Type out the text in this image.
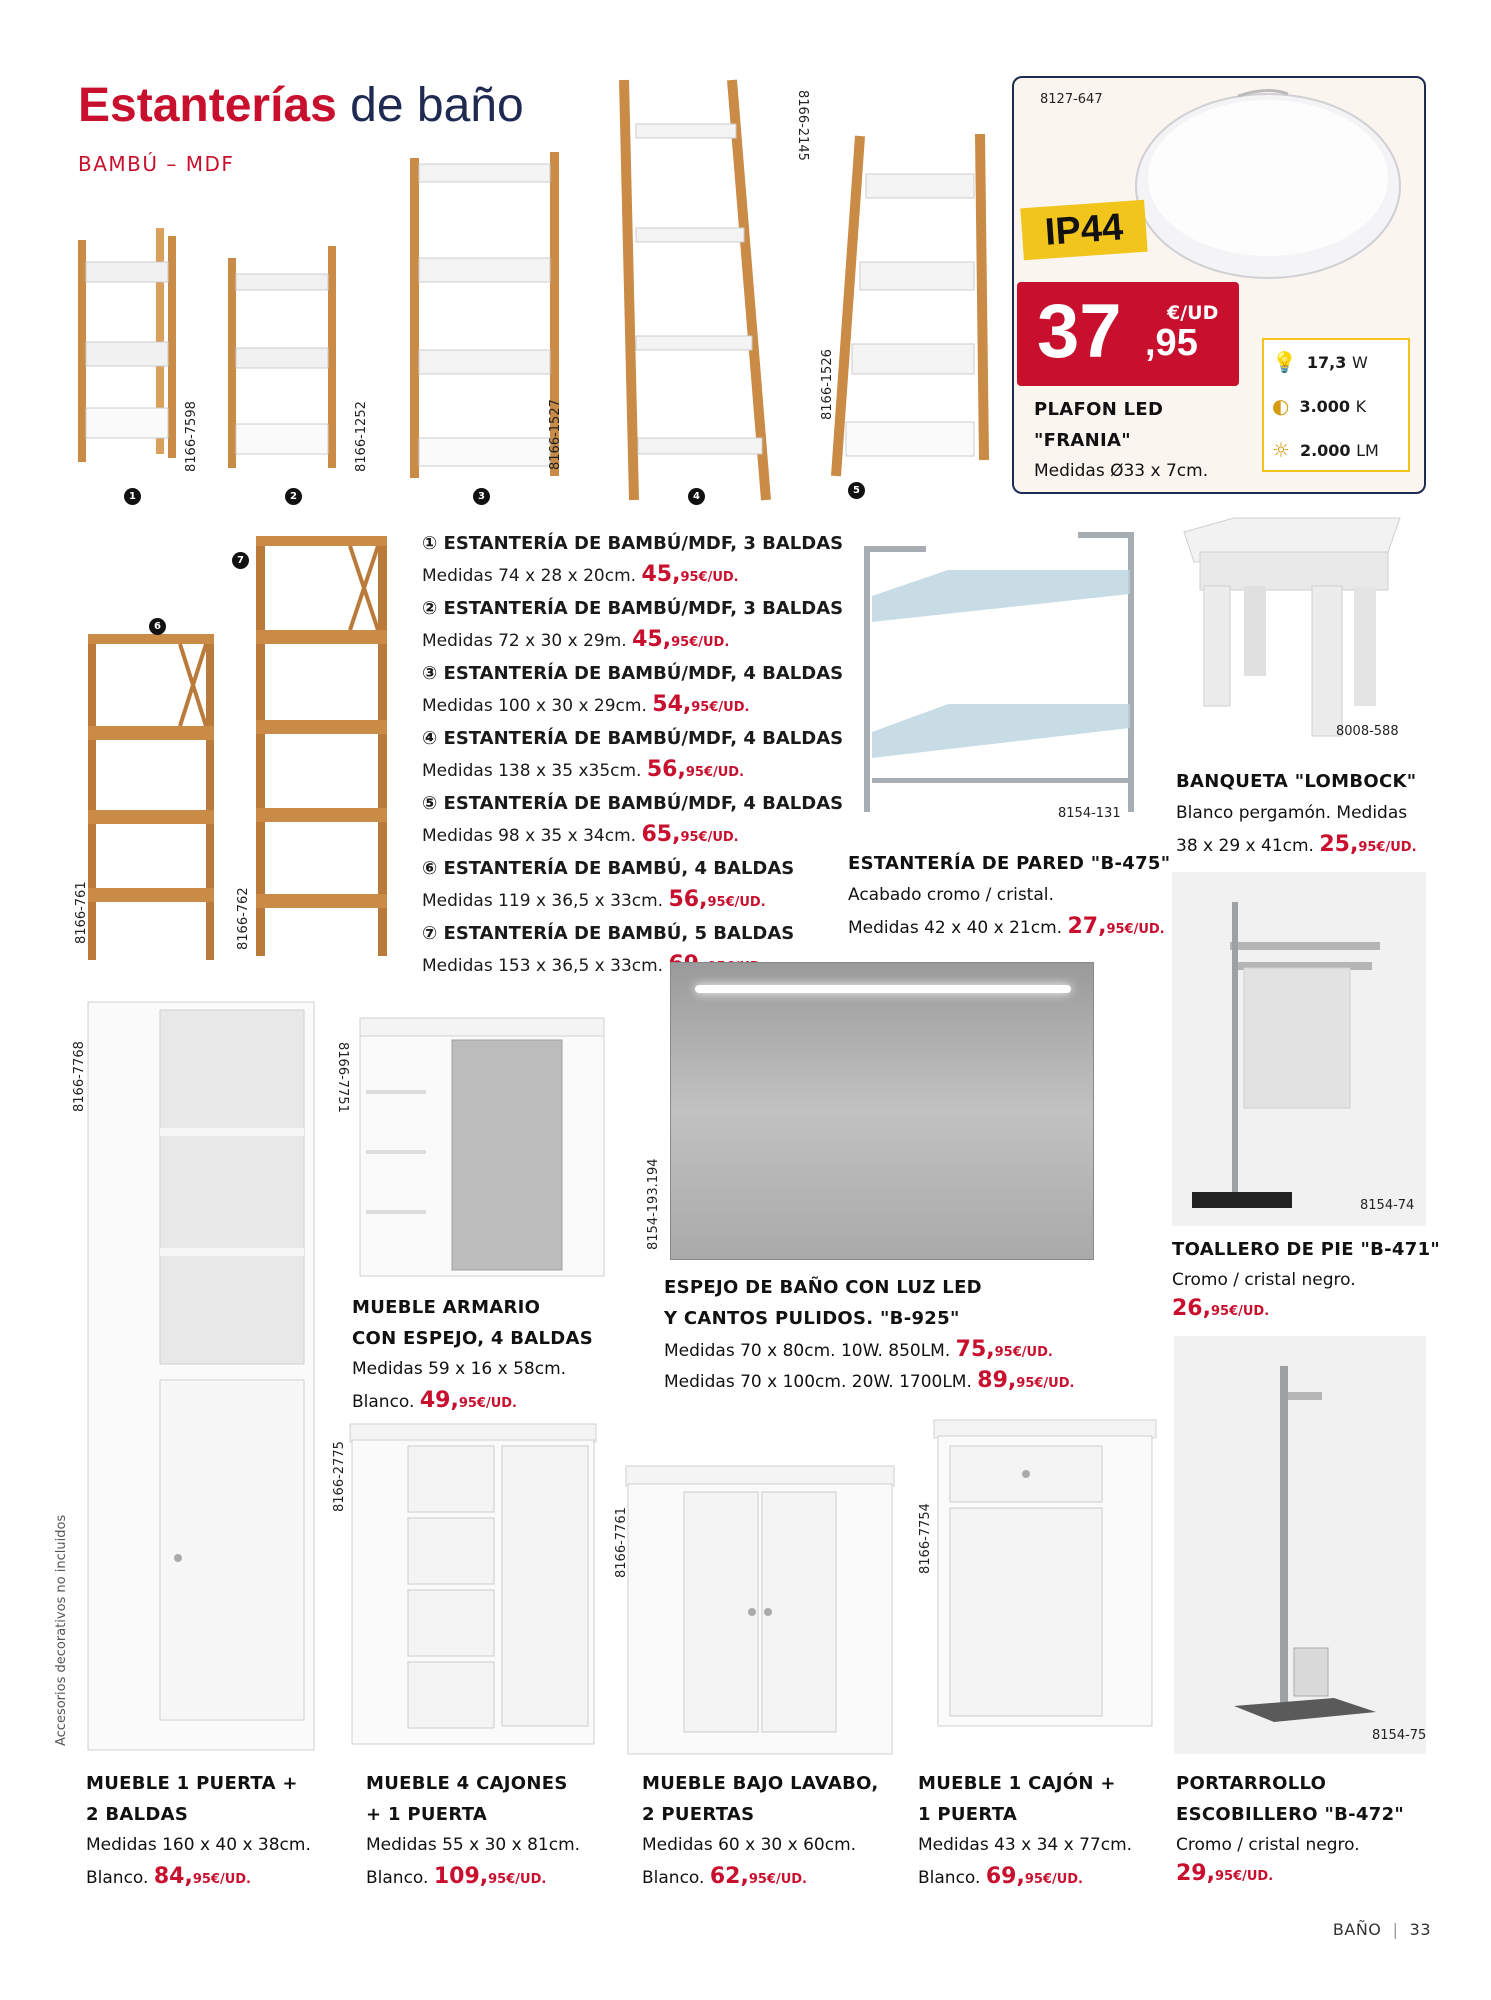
Estanterías de baño
BAMBÚ – MDF
8166-7598	8166-1252	8166-1527
8166-2145
8166-1526
1	2	3	4
5
6
7
8166-761	8166-762
① ESTANTERÍA DE BAMBÚ/MDF, 3 BALDAS
Medidas 74 x 28 x 20cm. 45,95€/UD.
② ESTANTERÍA DE BAMBÚ/MDF, 3 BALDAS
Medidas 72 x 30 x 29m. 45,95€/UD.
③ ESTANTERÍA DE BAMBÚ/MDF, 4 BALDAS
Medidas 100 x 30 x 29cm. 54,95€/UD.
④ ESTANTERÍA DE BAMBÚ/MDF, 4 BALDAS
Medidas 138 x 35 x35cm. 56,95€/UD.
⑤ ESTANTERÍA DE BAMBÚ/MDF, 4 BALDAS
Medidas 98 x 35 x 34cm. 65,95€/UD.
⑥ ESTANTERÍA DE BAMBÚ, 4 BALDAS
Medidas 119 x 36,5 x 33cm. 56,95€/UD.
⑦ ESTANTERÍA DE BAMBÚ, 5 BALDAS
Medidas 153 x 36,5 x 33cm.
8127-647
IP44
37 €/UD
,95
PLAFON LED
"FRANIA"
Medidas Ø33 x 7cm.
💡 17,3 W
◐ 3.000 K
☼ 2.000 LM
8154-131
ESTANTERÍA DE PARED "B-475"
Acabado cromo / cristal.
Medidas 42 x 40 x 21cm. 27,95€/UD.
8008-588
BANQUETA "LOMBOCK"
Blanco pergamón. Medidas
38 x 29 x 41cm. 25,95€/UD.
8154-74
TOALLERO DE PIE "B-471"
Cromo / cristal negro.
26,95€/UD.
8154-193.194
ESPEJO DE BAÑO CON LUZ LED
Y CANTOS PULIDOS. "B-925"
Medidas 70 x 80cm. 10W. 850LM. 75,95€/UD.
Medidas 70 x 100cm. 20W. 1700LM. 89,95€/UD.
8166-7751
MUEBLE ARMARIO
CON ESPEJO, 4 BALDAS
Medidas 59 x 16 x 58cm.
Blanco. 49,95€/UD.
8166-7768
Accesorios decorativos no incluidos
8166-2775
8166-7761	8166-7754
8154-75
MUEBLE 1 PUERTA +
2 BALDAS
Medidas 160 x 40 x 38cm.
Blanco. 84,95€/UD.
MUEBLE 4 CAJONES
+ 1 PUERTA
Medidas 55 x 30 x 81cm.
Blanco. 109,95€/UD.
MUEBLE BAJO LAVABO,
2 PUERTAS
Medidas 60 x 30 x 60cm.
Blanco. 62,95€/UD.
MUEBLE 1 CAJÓN +
1 PUERTA
Medidas 43 x 34 x 77cm.
Blanco. 69,95€/UD.
PORTARROLLO
ESCOBILLERO "B-472"
Cromo / cristal negro.
29,95€/UD.
BAÑO  |  33
